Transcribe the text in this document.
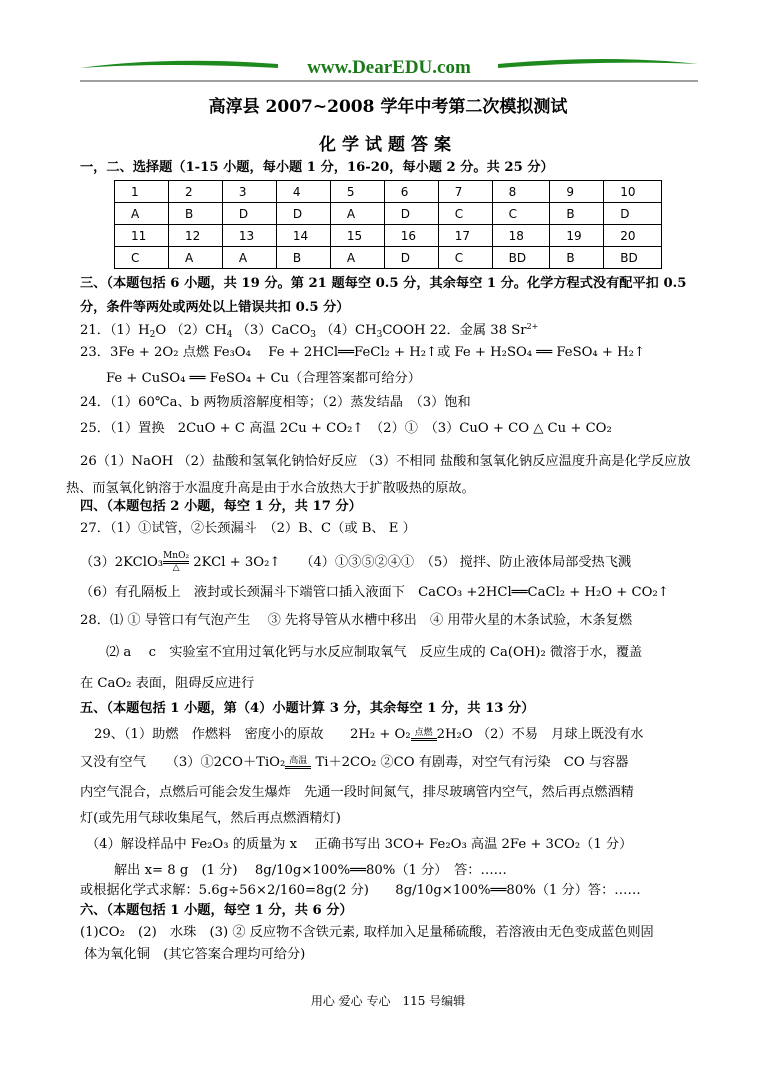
www.DearEDU.com
高淳县 2007~2008 学年中考第二次模拟测试
化学试题答案
一，二、选择题（1-15 小题，每小题 1 分，16-20，每小题 2 分。共 25 分）
1	2	3	4	5	6	7	8	9	10
A	B	D	D	A	D	C	C	B	D
11	12	13	14	15	16	17	18	19	20
C	A	A	B	A	D	C	BD	B	BD
三、（本题包括 6 小题，共 19 分。第 21 题每空 0.5 分，其余每空 1 分。化学方程式没有配平扣 0.5 分，条件等两处或两处以上错误共扣 0.5 分）
21．$(1)H_2O$ $(2)CH_4$ （3）CaCO$_3$ $(4)CH_3COOH$ 22．金属 38 $Sr^{2+}$
23．3Fe + 2O₂ 点燃 Fe₃O₄　 Fe + 2HCl══FeCl₂ + H₂↑或 Fe + H₂SO₄ ══ FeSO₄ + H₂↑
Fe + CuSO₄ ══ FeSO₄ + Cu（合理答案都可给分）
24．（1）60℃a、b 两物质溶解度相等；（2）蒸发结晶　（3）饱和
25．（1）置换　2CuO + C 高温 2Cu + CO₂↑　（2）①　（3）CuO + CO △ Cu + CO₂
26（1）NaOH （2）盐酸和氢氧化钠恰好反应 （3）不相同 盐酸和氢氧化钠反应温度升高是化学反应放热、而氢氧化钠溶于水温度升高是由于水合放热大于扩散吸热的原故。
四、（本题包括 2 小题，每空 1 分，共 17 分）
27．（1）①试管，②长颈漏斗　（2）B、C（或 B、 E ）
（3）2KClO₃ MnO₂
△ 2KCl + 3O₂↑　　（4）①③⑤②④①　（5） 搅拌、防止液体局部受热飞溅
（6）有孔隔板上　液封或长颈漏斗下端管口插入液面下　CaCO₃ +2HCl══CaCl₂ + H₂O + CO₂↑
28．⑴ ① 导管口有气泡产生　 ③ 先将导管从水槽中移出　④ 用带火星的木条试验，木条复燃
⑵ a　 c　实验室不宜用过氧化钙与水反应制取氧气　反应生成的 Ca(OH)₂ 微溶于水，覆盖
在 CaO₂ 表面，阻碍反应进行
五、（本题包括 1 小题，第（4）小题计算 3 分，其余每空 1 分，共 13 分）
29、（1）助燃　作燃料　密度小的原故　　2H₂ + O₂ 点燃 2H₂O （2）不易　月球上既没有水
又没有空气　　（3）①2CO＋TiO₂ 高温 Ti＋2CO₂ ②CO 有剧毒，对空气有污染　CO 与容器
内空气混合，点燃后可能会发生爆炸　先通一段时间氮气，排尽玻璃管内空气，然后再点燃酒精
灯(或先用气球收集尾气，然后再点燃酒精灯)
（4）解设样品中 Fe₂O₃ 的质量为 x　 正确书写出 3CO+ Fe₂O₃ 高温 2Fe + 3CO₂（1 分）
解出 x= 8 g　(1 分)　 8g/10g×100%══80%（1 分）　答：……
或根据化学式求解：5.6g÷56×2/160=8g(2 分)　　8g/10g×100%══80%（1 分）答：……
六、（本题包括 1 小题，每空 1 分，共 6 分）
(1)CO₂　(2)　水珠　(3) ② 反应物不含铁元素, 取样加入足量稀硫酸，若溶液由无色变成蓝色则固
体为氧化铜　(其它答案合理均可给分)
用心 爱心 专心　115 号编辑
